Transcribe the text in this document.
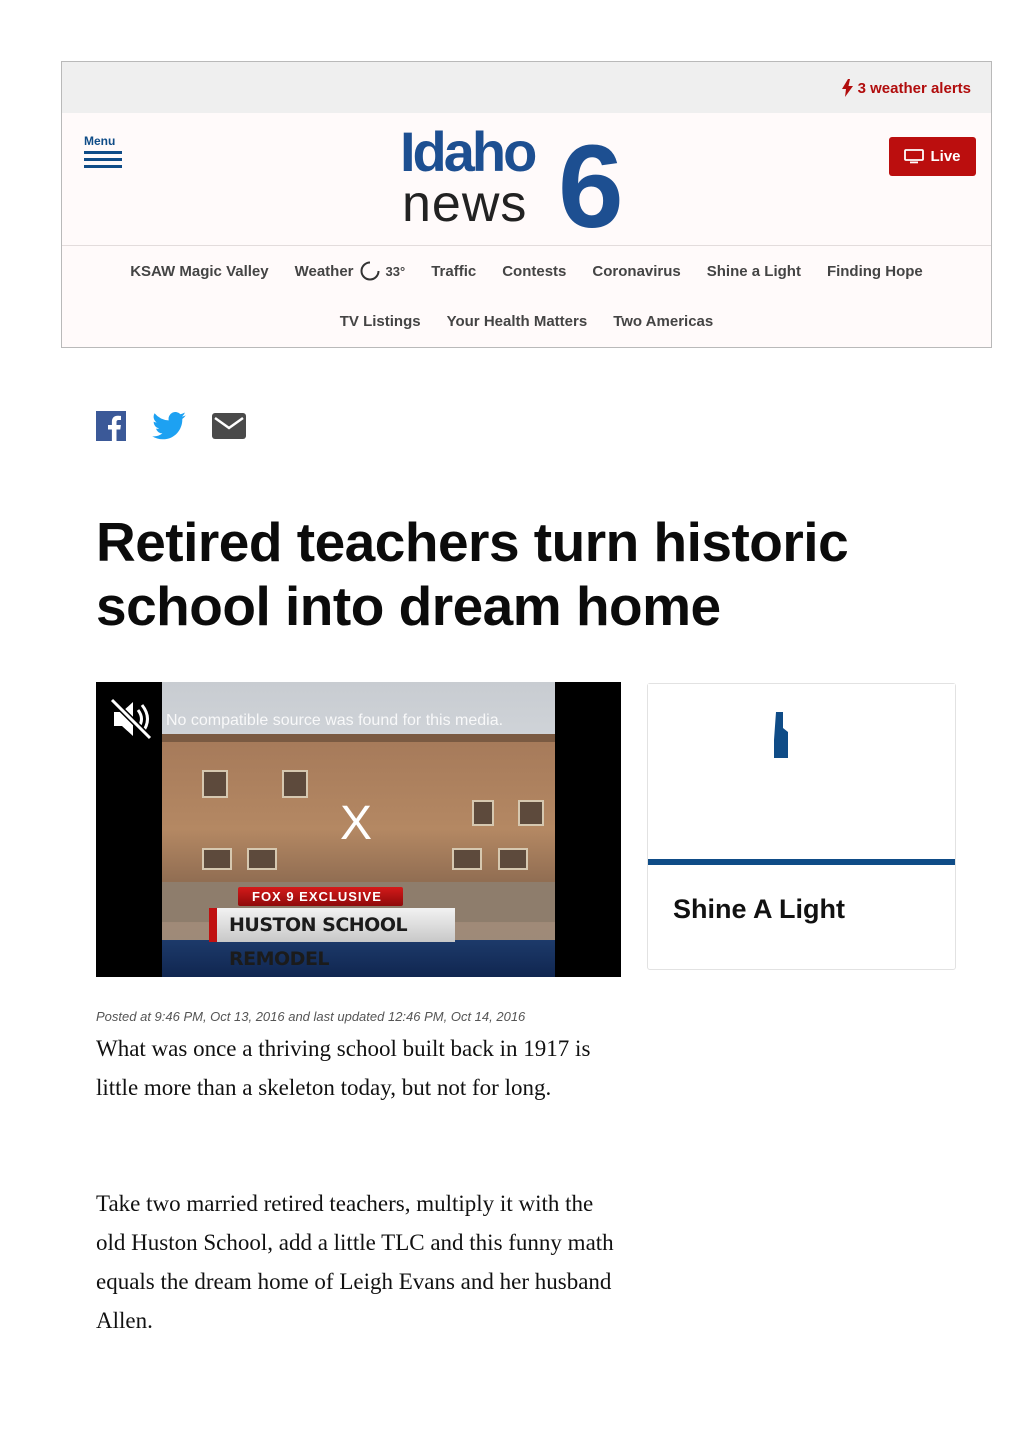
3 weather alerts
Menu	Idaho
news 6	Live
KSAW Magic Valley Weather 33° Traffic Contests Coronavirus Shine a Light Finding Hope
TV Listings Your Health Matters Two Americas
Retired teachers turn historic school into dream home
FOX 9 EXCLUSIVE
HUSTON SCHOOL REMODEL
No compatible source was found for this media.
X
Shine A Light
Posted at 9:46 PM, Oct 13, 2016 and last updated 12:46 PM, Oct 14, 2016

What was once a thriving school built back in 1917 is little more than a skeleton today, but not for long.

Take two married retired teachers, multiply it with the old Huston School, add a little TLC and this funny math equals the dream home of Leigh Evans and her husband Allen.
